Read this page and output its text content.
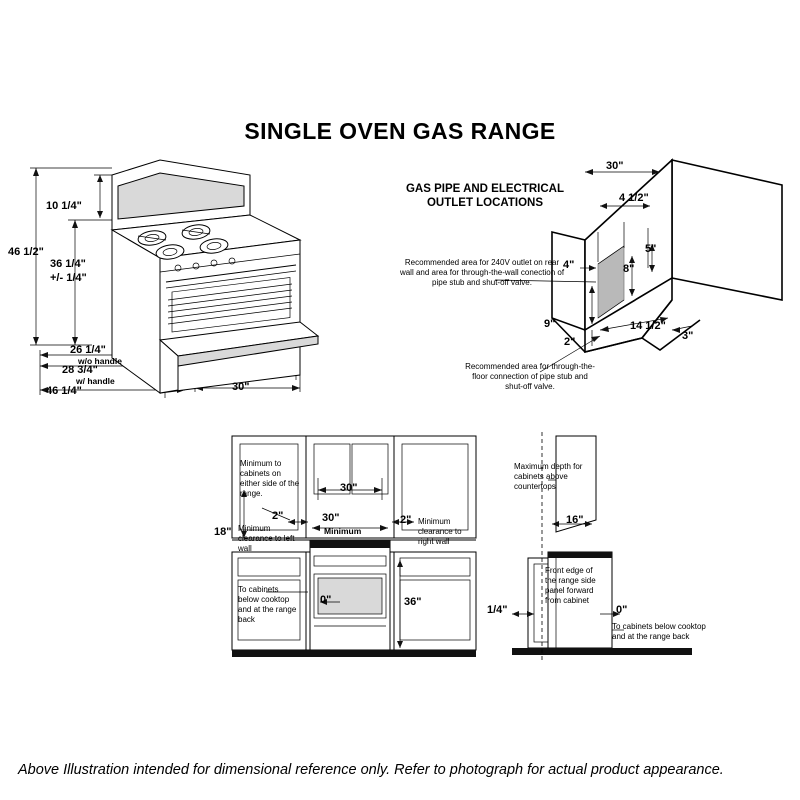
SINGLE OVEN GAS RANGE
46 1/2"
36 1/4"
+/- 1/4"
10 1/4"
26 1/4"
w/o handle
28 3/4"
w/ handle
46 1/4"	30"
GAS PIPE AND ELECTRICAL
OUTLET LOCATIONS
Recommended area for 240V outlet on rear wall and area for through-the-wall conection of pipe stub and shut-off valve.
Recommended area for through-the-floor connection of pipe stub and shut-off valve.
30"
4 1/2"
5"
4"	8"
9"	14 1/2"
2"	3"
Minimum to cabinets on either side of the range.	30"
30"
Minimum
2"	2"
Minimum clearance to left wall
Minimum clearance to right wall
18"
To cabinets below cooktop and at the range back
0"	36"
Maximum depth for cabinets above countertops
16"
Front edge of the range side panel forward from cabinet
1/4"	0"
To cabinets below cooktop and at the range back
Above Illustration intended for dimensional reference only. Refer to photograph for actual product appearance.
